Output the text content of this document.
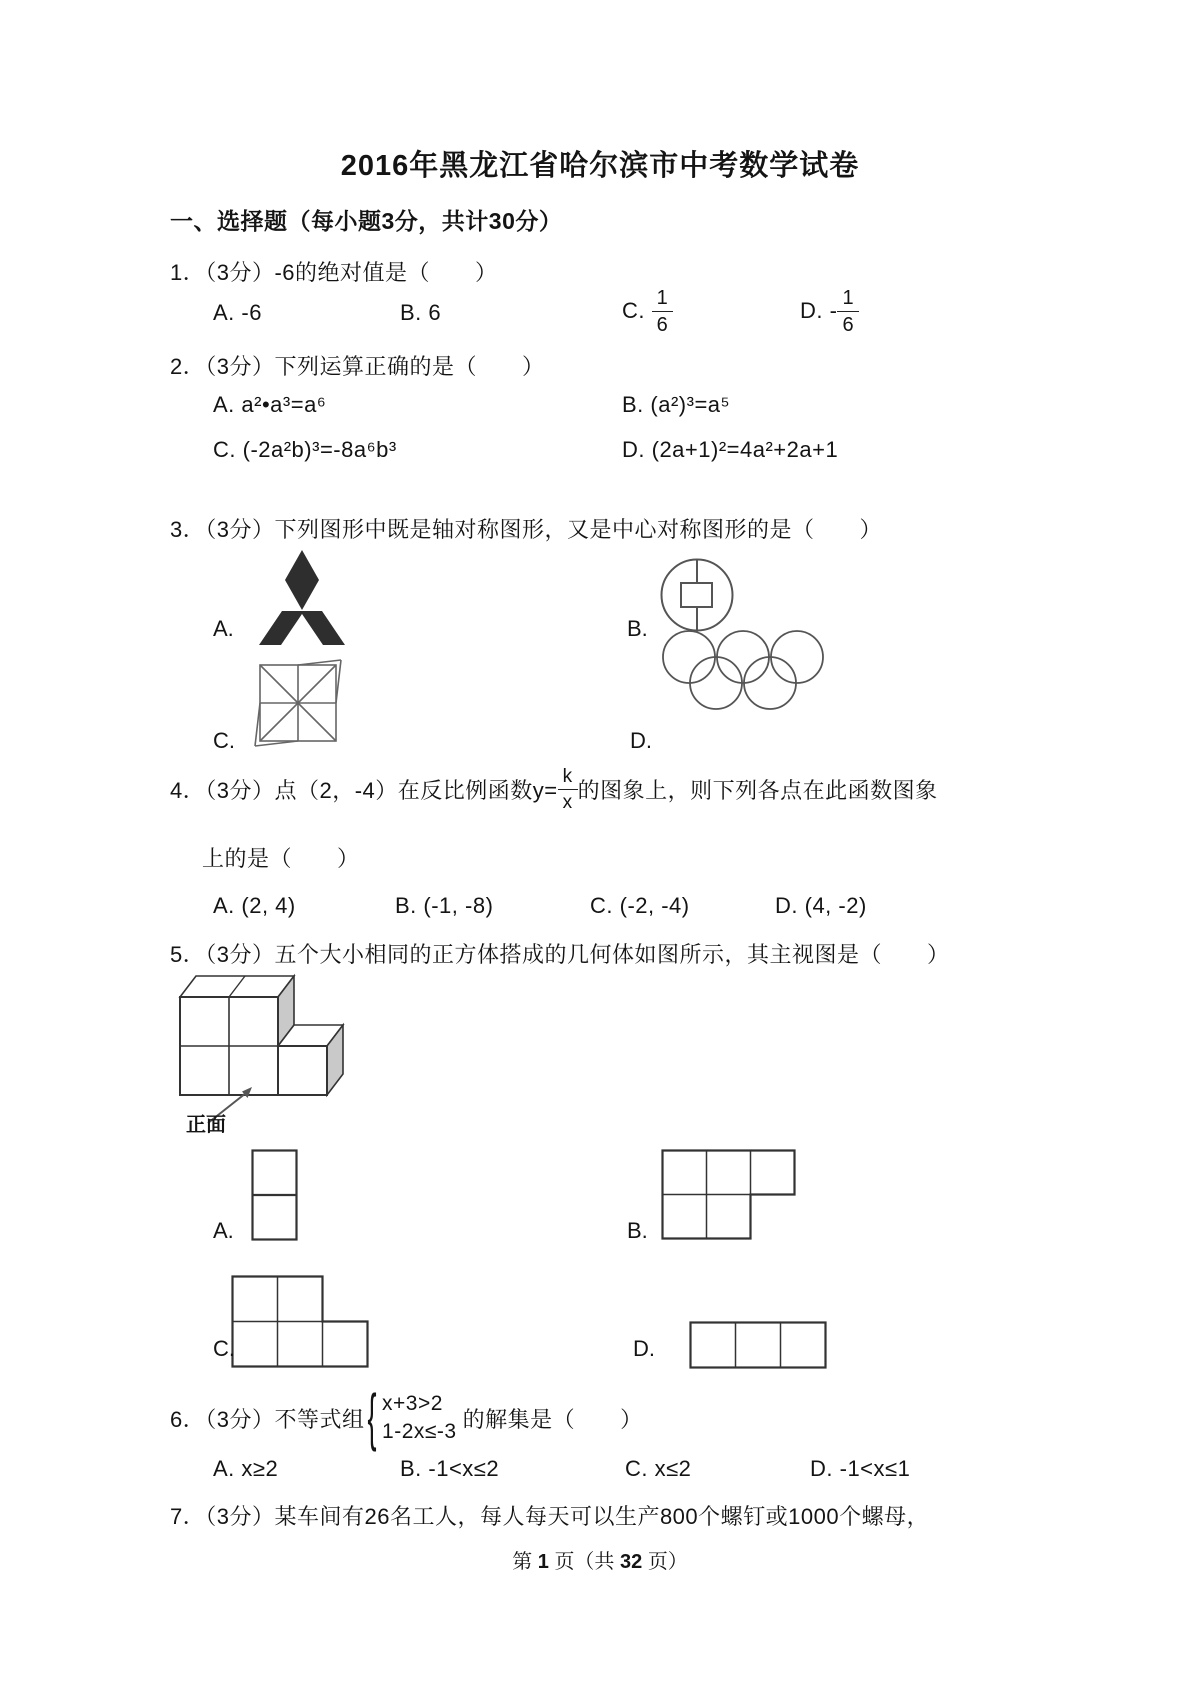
2016年黑龙江省哈尔滨市中考数学试卷
一、选择题（每小题3分，共计30分）
1．（3分）-6的绝对值是（　　）
A. -6	B. 6	C.
$\frac{1}{6}$	D.
- $\frac{1}{6}$
2．（3分）下列运算正确的是（　　）
A. a²•a³=a⁶	B. (a²)³=a⁵
C. (-2a²b)³=-8a⁶b³	D. (2a+1)²=4a²+2a+1
3．（3分）下列图形中既是轴对称图形，又是中心对称图形的是（　　）
A.	B.
C.	D.
4．（3分）点（2，-4）在反比例函数$y= \frac{k}{x}$ 的图象上，则下列各点在此函数图象
上的是（　　）
A. (2, 4)	B. (-1, -8)	C. (-2, -4)	D. (4, -2)
5．（3分）五个大小相同的正方体搭成的几何体如图所示，其主视图是（　　）
正面
A.	B.
C.	D.
6．（3分）不等式组 { x+3>2
1-2x≤-3 的解集是（　　）
A. x≥2	B. -1<x≤2	C. x≤2	D. -1<x≤1
7．（3分）某车间有26名工人，每人每天可以生产800个螺钉或1000个螺母，
第 1 页（共 32 页）
